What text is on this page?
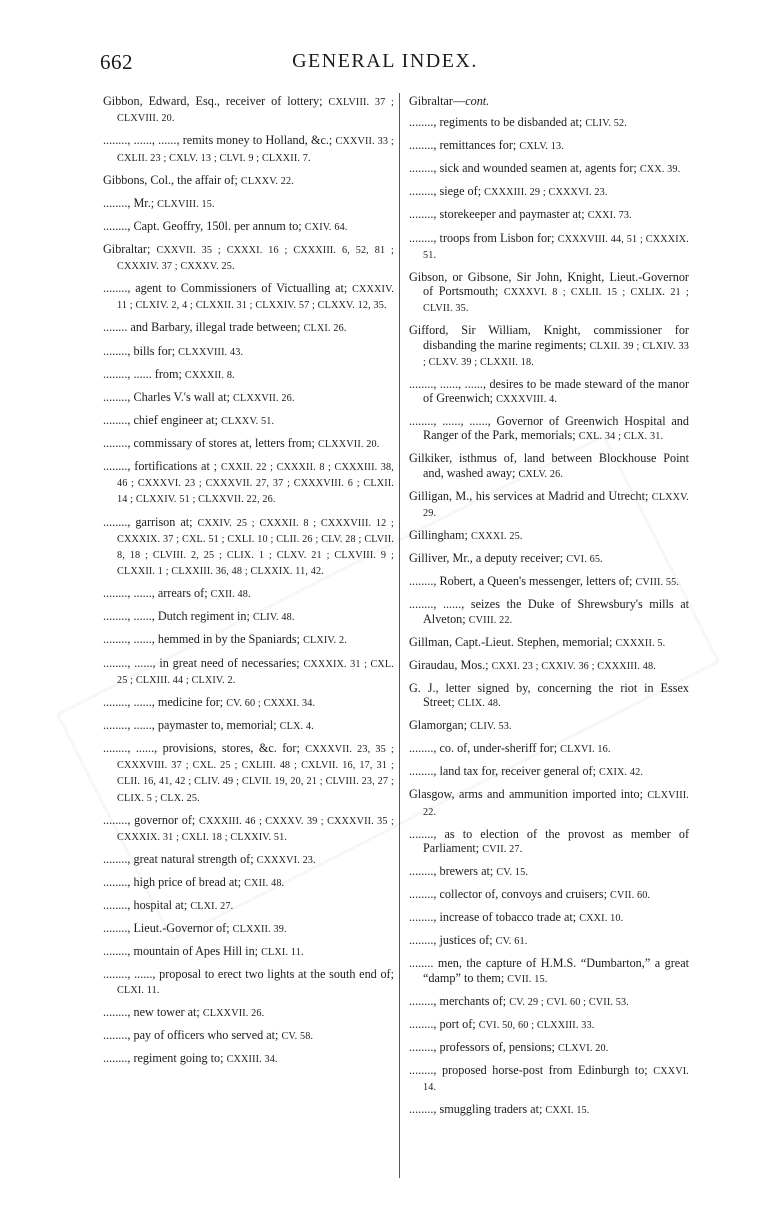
662	GENERAL INDEX.
Gibbon, Edward, Esq., receiver of lottery; CXLVIII. 37 ; CLXVIII. 20.
........, ......, ......, remits money to Holland, &c.; CXXVII. 33 ; CXLII. 23 ; CXLV. 13 ; CLVI. 9 ; CLXXII. 7.
Gibbons, Col., the affair of; CLXXV. 22.
........, Mr.; CLXVIII. 15.
........, Capt. Geoffry, 150l. per annum to; CXIV. 64.
Gibraltar; CXXVII. 35 ; CXXXI. 16 ; CXXXIII. 6, 52, 81 ; CXXXIV. 37 ; CXXXV. 25.
........, agent to Commissioners of Victualling at; CXXXIV. 11 ; CLXIV. 2, 4 ; CLXXII. 31 ; CLXXIV. 57 ; CLXXV. 12, 35.
........ and Barbary, illegal trade between; CLXI. 26.
........, bills for; CLXXVIII. 43.
........, ...... from; CXXXII. 8.
........, Charles V.'s wall at; CLXXVII. 26.
........, chief engineer at; CLXXV. 51.
........, commissary of stores at, letters from; CLXXVII. 20.
........, fortifications at ; CXXII. 22 ; CXXXII. 8 ; CXXXIII. 38, 46 ; CXXXVI. 23 ; CXXXVII. 27, 37 ; CXXXVIII. 6 ; CLXII. 14 ; CLXXIV. 51 ; CLXXVII. 22, 26.
........, garrison at; CXXIV. 25 ; CXXXII. 8 ; CXXXVIII. 12 ; CXXXIX. 37 ; CXL. 51 ; CXLI. 10 ; CLII. 26 ; CLV. 28 ; CLVII. 8, 18 ; CLVIII. 2, 25 ; CLIX. 1 ; CLXV. 21 ; CLXVIII. 9 ; CLXXII. 1 ; CLXXIII. 36, 48 ; CLXXIX. 11, 42.
........, ......, arrears of; CXII. 48.
........, ......, Dutch regiment in; CLIV. 48.
........, ......, hemmed in by the Spaniards; CLXIV. 2.
........, ......, in great need of necessaries; CXXXIX. 31 ; CXL. 25 ; CLXIII. 44 ; CLXIV. 2.
........, ......, medicine for; CV. 60 ; CXXXI. 34.
........, ......, paymaster to, memorial; CLX. 4.
........, ......, provisions, stores, &c. for; CXXXVII. 23, 35 ; CXXXVIII. 37 ; CXL. 25 ; CXLIII. 48 ; CXLVII. 16, 17, 31 ; CLII. 16, 41, 42 ; CLIV. 49 ; CLVII. 19, 20, 21 ; CLVIII. 23, 27 ; CLIX. 5 ; CLX. 25.
........, governor of; CXXXIII. 46 ; CXXXV. 39 ; CXXXVII. 35 ; CXXXIX. 31 ; CXLI. 18 ; CLXXIV. 51.
........, great natural strength of; CXXXVI. 23.
........, high price of bread at; CXII. 48.
........, hospital at; CLXI. 27.
........, Lieut.-Governor of; CLXXII. 39.
........, mountain of Apes Hill in; CLXI. 11.
........, ......, proposal to erect two lights at the south end of; CLXI. 11.
........, new tower at; CLXXVII. 26.
........, pay of officers who served at; CV. 58.
........, regiment going to; CXXIII. 34.
Gibraltar—cont.
........, regiments to be disbanded at; CLIV. 52.
........, remittances for; CXLV. 13.
........, sick and wounded seamen at, agents for; CXX. 39.
........, siege of; CXXXIII. 29 ; CXXXVI. 23.
........, storekeeper and paymaster at; CXXI. 73.
........, troops from Lisbon for; CXXXVIII. 44, 51 ; CXXXIX. 51.
Gibson, or Gibsone, Sir John, Knight, Lieut.-Governor of Portsmouth; CXXXVI. 8 ; CXLII. 15 ; CXLIX. 21 ; CLVII. 35.
Gifford, Sir William, Knight, commissioner for disbanding the marine regiments; CLXII. 39 ; CLXIV. 33 ; CLXV. 39 ; CLXXII. 18.
........, ......, ......, desires to be made steward of the manor of Greenwich; CXXXVIII. 4.
........, ......, ......, Governor of Greenwich Hospital and Ranger of the Park, memorials; CXL. 34 ; CLX. 31.
Gilkiker, isthmus of, land between Blockhouse Point and, washed away; CXLV. 26.
Gilligan, M., his services at Madrid and Utrecht; CLXXV. 29.
Gillingham; CXXXI. 25.
Gilliver, Mr., a deputy receiver; CVI. 65.
........, Robert, a Queen's messenger, letters of; CVIII. 55.
........, ......, seizes the Duke of Shrewsbury's mills at Alveton; CVIII. 22.
Gillman, Capt.-Lieut. Stephen, memorial; CXXXII. 5.
Giraudau, Mos.; CXXI. 23 ; CXXIV. 36 ; CXXXIII. 48.
G. J., letter signed by, concerning the riot in Essex Street; CLIX. 48.
Glamorgan; CLIV. 53.
........, co. of, under-sheriff for; CLXVI. 16.
........, land tax for, receiver general of; CXIX. 42.
Glasgow, arms and ammunition imported into; CLXVIII. 22.
........, as to election of the provost as member of Parliament; CVII. 27.
........, brewers at; CV. 15.
........, collector of, convoys and cruisers; CVII. 60.
........, increase of tobacco trade at; CXXI. 10.
........, justices of; CV. 61.
........ men, the capture of H.M.S. “Dumbarton,” a great “damp” to them; CVII. 15.
........, merchants of; CV. 29 ; CVI. 60 ; CVII. 53.
........, port of; CVI. 50, 60 ; CLXXIII. 33.
........, professors of, pensions; CLXVI. 20.
........, proposed horse-post from Edinburgh to; CXXVI. 14.
........, smuggling traders at; CXXI. 15.
